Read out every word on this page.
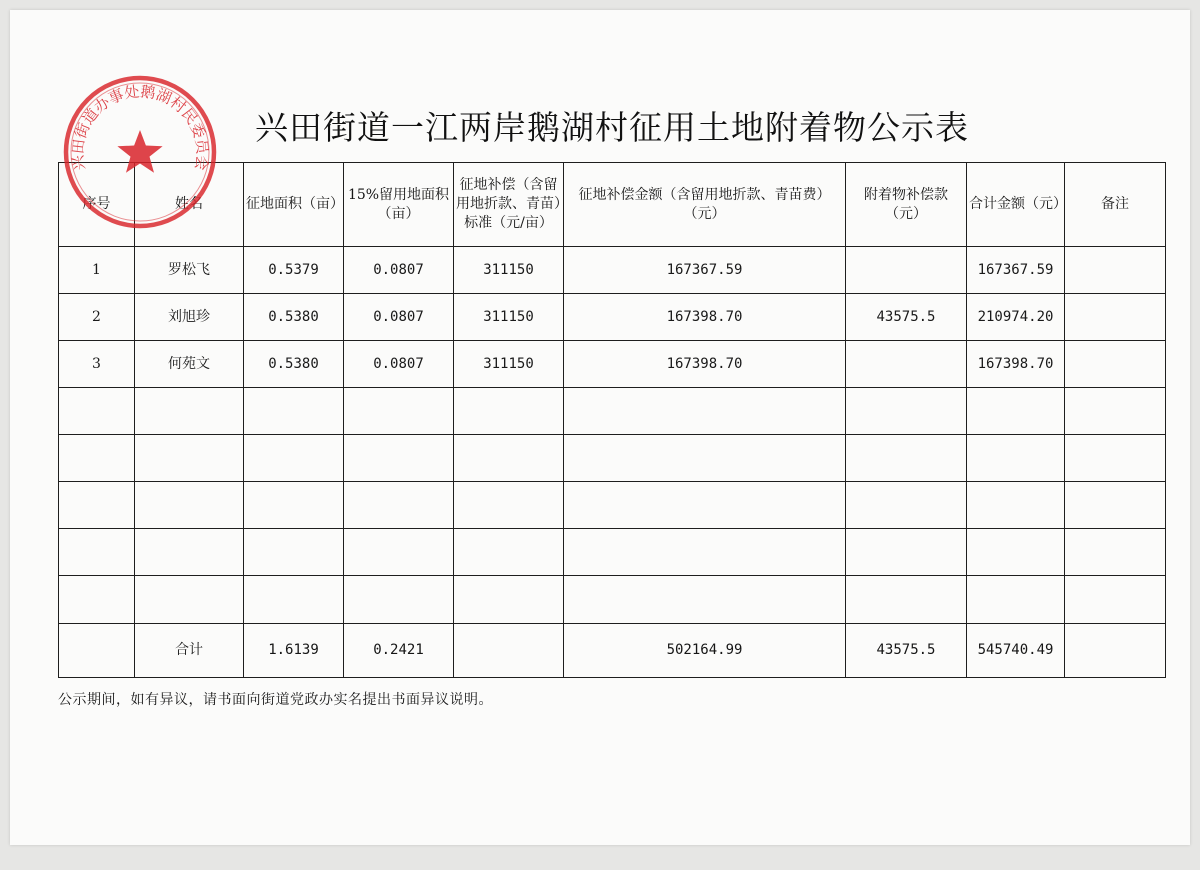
兴田街道一江两岸鹅湖村征用土地附着物公示表
序号	姓名	征地面积（亩）	15%留用地面积（亩）	征地补偿（含留用地折款、青苗）标准（元/亩）	征地补偿金额（含留用地折款、青苗费）（元）	附着物补偿款（元）	合计金额（元）	备注
1	罗松飞	0.5379	0.0807	311150	167367.59		167367.59	
2	刘旭珍	0.5380	0.0807	311150	167398.70	43575.5	210974.20	
3	何苑文	0.5380	0.0807	311150	167398.70		167398.70	

	合计	1.6139	0.2421		502164.99	43575.5	545740.49	
公示期间，如有异议，请书面向街道党政办实名提出书面异议说明。
兴田街道办事处鹅湖村民委员会
